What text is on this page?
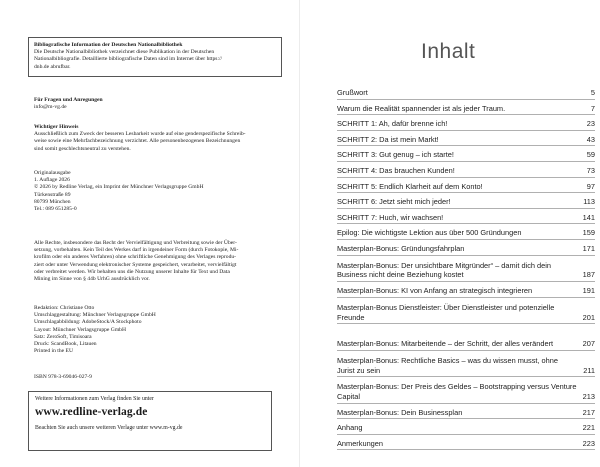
Bibliografische Information der Deutschen Nationalbibliothek
Die Deutsche Nationalbibliothek verzeichnet diese Publikation in der Deutschen
Nationalbibliografie. Detaillierte bibliografische Daten sind im Internet über https://
dnb.de abrufbar.
Für Fragen und Anregungen
info@m-vg.de
Wichtiger Hinweis
Ausschließlich zum Zweck der besseren Lesbarkeit wurde auf eine genderspezifische Schreib-
weise sowie eine Mehrfachbezeichnung verzichtet. Alle personenbezogenen Bezeichnungen
sind somit geschlechtsneutral zu verstehen.
Originalausgabe
1. Auflage 2026
© 2026 by Redline Verlag, ein Imprint der Münchner Verlagsgruppe GmbH
Türkenstraße 89
80799 München
Tel.: 089 651285-0
Alle Rechte, insbesondere das Recht der Vervielfältigung und Verbreitung sowie der Über-
setzung, vorbehalten. Kein Teil des Werkes darf in irgendeiner Form (durch Fotokopie, Mi-
krofilm oder ein anderes Verfahren) ohne schriftliche Genehmigung des Verlages reprodu-
ziert oder unter Verwendung elektronischer Systeme gespeichert, verarbeitet, vervielfältigt
oder verbreitet werden. Wir behalten uns die Nutzung unserer Inhalte für Text und Data
Mining im Sinne von § 44b UrhG ausdrücklich vor.
Redaktion: Christiane Otto
Umschlaggestaltung: Münchner Verlagsgruppe GmbH
Umschlagabbildung: AdobeStock/A Stockphoto
Layout: Münchner Verlagsgruppe GmbH
Satz: ZeroSoft, Timisoara
Druck: ScandBook, Litauen
Printed in the EU
ISBN 978-3-69046-027-9
Weitere Informationen zum Verlag finden Sie unter
www.redline-verlag.de
Beachten Sie auch unsere weiteren Verlage unter www.m-vg.de
Inhalt
Grußwort	5
Warum die Realität spannender ist als jeder Traum.	7
SCHRITT 1: Ah, dafür brenne ich!	23
SCHRITT 2: Da ist mein Markt!	43
SCHRITT 3: Gut genug – ich starte!	59
SCHRITT 4: Das brauchen Kunden!	73
SCHRITT 5: Endlich Klarheit auf dem Konto!	97
SCHRITT 6: Jetzt sieht mich jeder!	113
SCHRITT 7: Huch, wir wachsen!	141
Epilog: Die wichtigste Lektion aus über 500 Gründungen	159
Masterplan-Bonus: Gründungsfahrplan	171
Masterplan-Bonus: Der unsichtbare Mitgründer“ – damit dich dein Business nicht deine Beziehung kostet	187
Masterplan-Bonus: KI von Anfang an strategisch integrieren	191
Masterplan-Bonus Dienstleister: Über Dienstleister und potenzielle Freunde	201
Masterplan-Bonus: Mitarbeitende – der Schritt, der alles verändert	207
Masterplan-Bonus: Rechtliche Basics – was du wissen musst, ohne Jurist zu sein	211
Masterplan-Bonus: Der Preis des Geldes – Bootstrapping versus Venture Capital	213
Masterplan-Bonus: Dein Businessplan	217
Anhang	221
Anmerkungen	223
